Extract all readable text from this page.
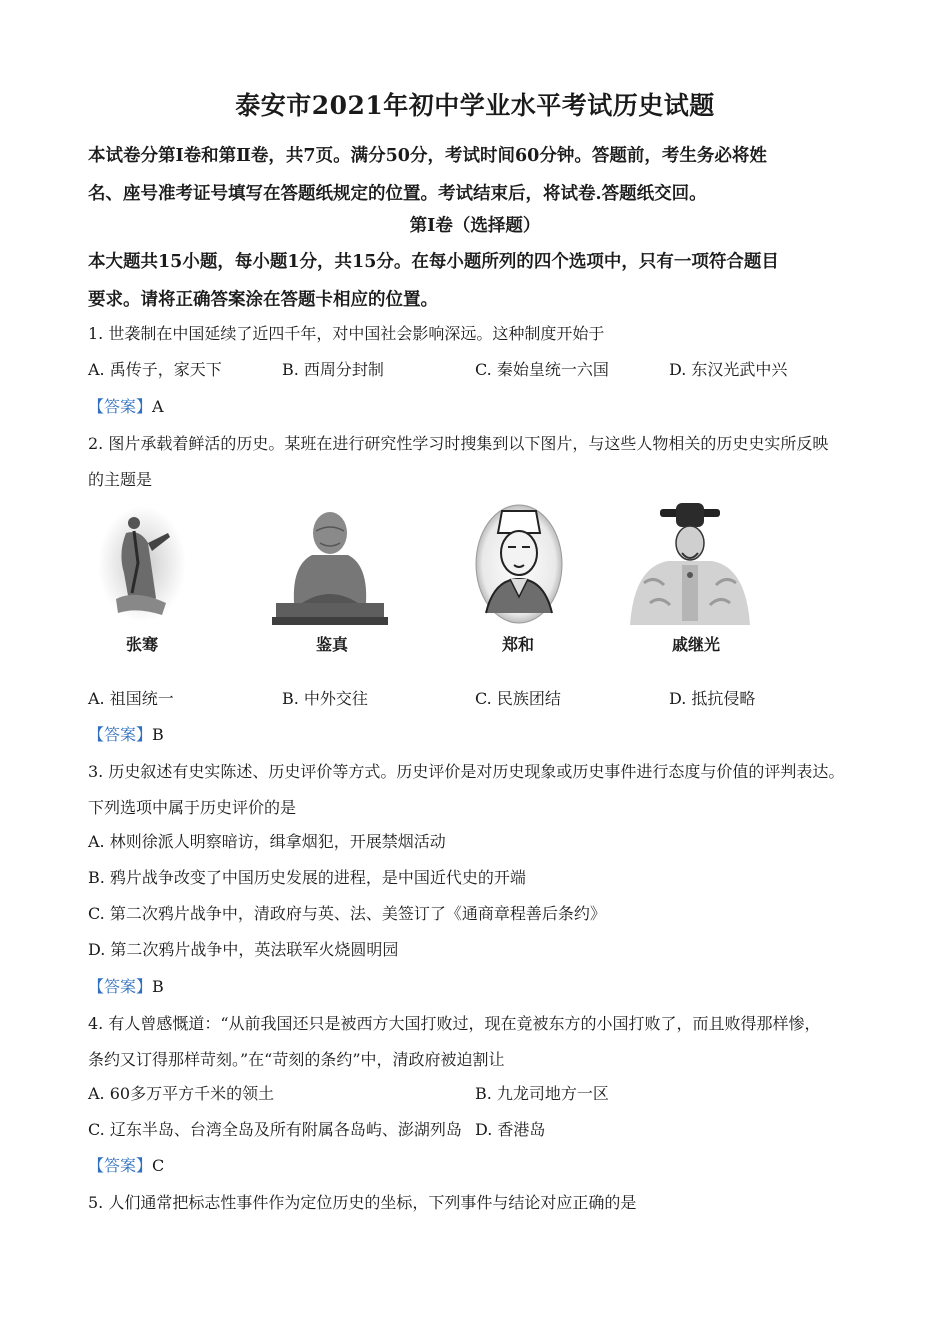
泰安市2021年初中学业水平考试历史试题
本试卷分第Ⅰ卷和第Ⅱ卷，共7页。满分50分，考试时间60分钟。答题前，考生务必将姓
名、座号准考证号填写在答题纸规定的位置。考试结束后，将试卷.答题纸交回。
第Ⅰ卷（选择题）
本大题共15小题，每小题1分，共15分。在每小题所列的四个选项中，只有一项符合题目
要求。请将正确答案涂在答题卡相应的位置。
1. 世袭制在中国延续了近四千年，对中国社会影响深远。这种制度开始于
A. 禹传子，家天下	B. 西周分封制	C. 秦始皇统一六国	D. 东汉光武中兴
【答案】A
2. 图片承载着鲜活的历史。某班在进行研究性学习时搜集到以下图片，与这些人物相关的历史史实所反映
的主题是
张骞	鉴真	郑和	戚继光
A. 祖国统一	B. 中外交往	C. 民族团结	D. 抵抗侵略
【答案】B
3. 历史叙述有史实陈述、历史评价等方式。历史评价是对历史现象或历史事件进行态度与价值的评判表达。
下列选项中属于历史评价的是
A. 林则徐派人明察暗访，缉拿烟犯，开展禁烟活动
B. 鸦片战争改变了中国历史发展的进程，是中国近代史的开端
C. 第二次鸦片战争中，清政府与英、法、美签订了《通商章程善后条约》
D. 第二次鸦片战争中，英法联军火烧圆明园
【答案】B
4. 有人曾感慨道：“从前我国还只是被西方大国打败过，现在竟被东方的小国打败了，而且败得那样惨，
条约又订得那样苛刻。”在“苛刻的条约”中，清政府被迫割让
A. 60多万平方千米的领土	B. 九龙司地方一区
C. 辽东半岛、台湾全岛及所有附属各岛屿、澎湖列岛 D. 香港岛
【答案】C
5. 人们通常把标志性事件作为定位历史的坐标，下列事件与结论对应正确的是
